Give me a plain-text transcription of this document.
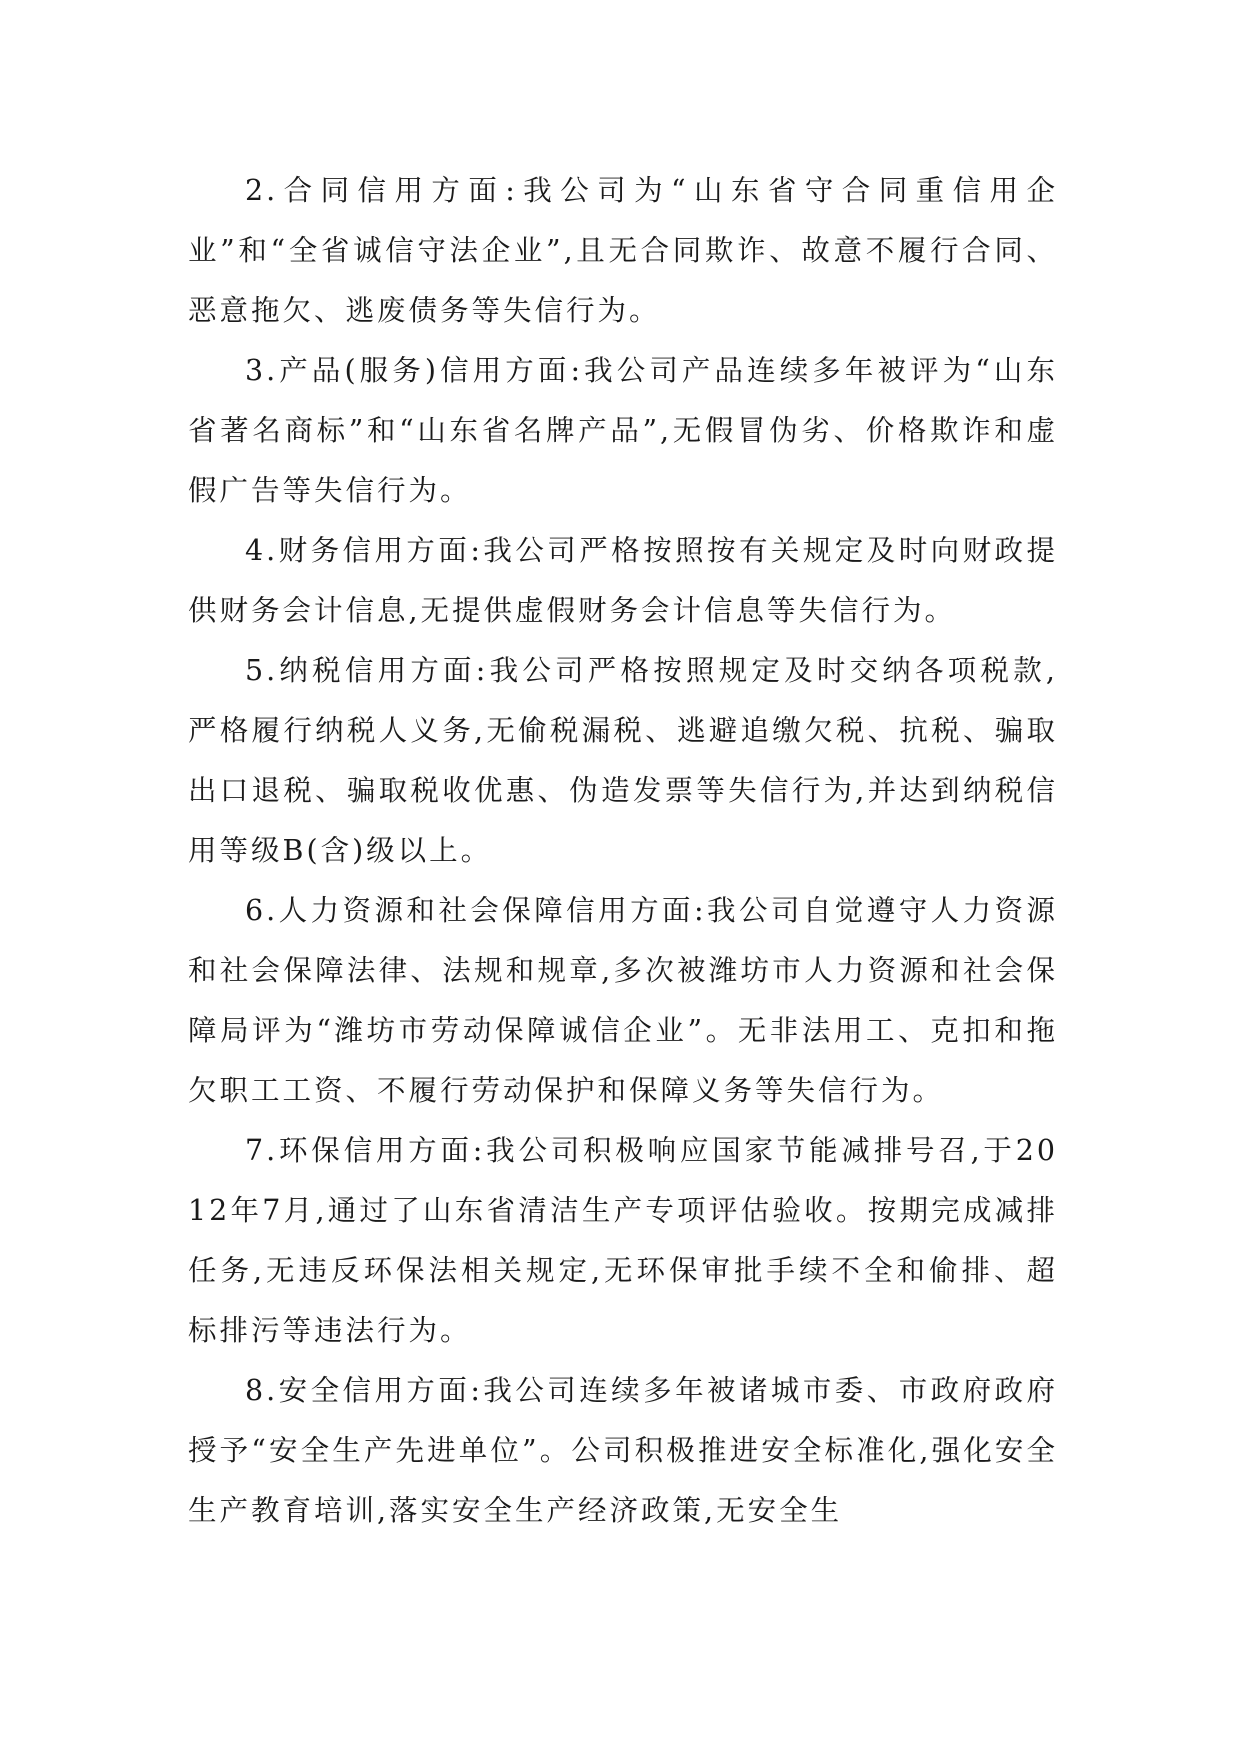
2.合同信用方面:我公司为“山东省守合同重信用企业”和“全省诚信守法企业”,且无合同欺诈、故意不履行合同、恶意拖欠、逃废债务等失信行为。

3.产品(服务)信用方面:我公司产品连续多年被评为“山东省著名商标”和“山东省名牌产品”,无假冒伪劣、价格欺诈和虚假广告等失信行为。

4.财务信用方面:我公司严格按照按有关规定及时向财政提供财务会计信息,无提供虚假财务会计信息等失信行为。

5.纳税信用方面:我公司严格按照规定及时交纳各项税款,严格履行纳税人义务,无偷税漏税、逃避追缴欠税、抗税、骗取出口退税、骗取税收优惠、伪造发票等失信行为,并达到纳税信用等级B(含)级以上。

6.人力资源和社会保障信用方面:我公司自觉遵守人力资源和社会保障法律、法规和规章,多次被潍坊市人力资源和社会保障局评为“潍坊市劳动保障诚信企业”。无非法用工、克扣和拖欠职工工资、不履行劳动保护和保障义务等失信行为。

7.环保信用方面:我公司积极响应国家节能减排号召,于2012年7月,通过了山东省清洁生产专项评估验收。按期完成减排任务,无违反环保法相关规定,无环保审批手续不全和偷排、超标排污等违法行为。

8.安全信用方面:我公司连续多年被诸城市委、市政府政府授予“安全生产先进单位”。公司积极推进安全标准化,强化安全生产教育培训,落实安全生产经济政策,无安全生
